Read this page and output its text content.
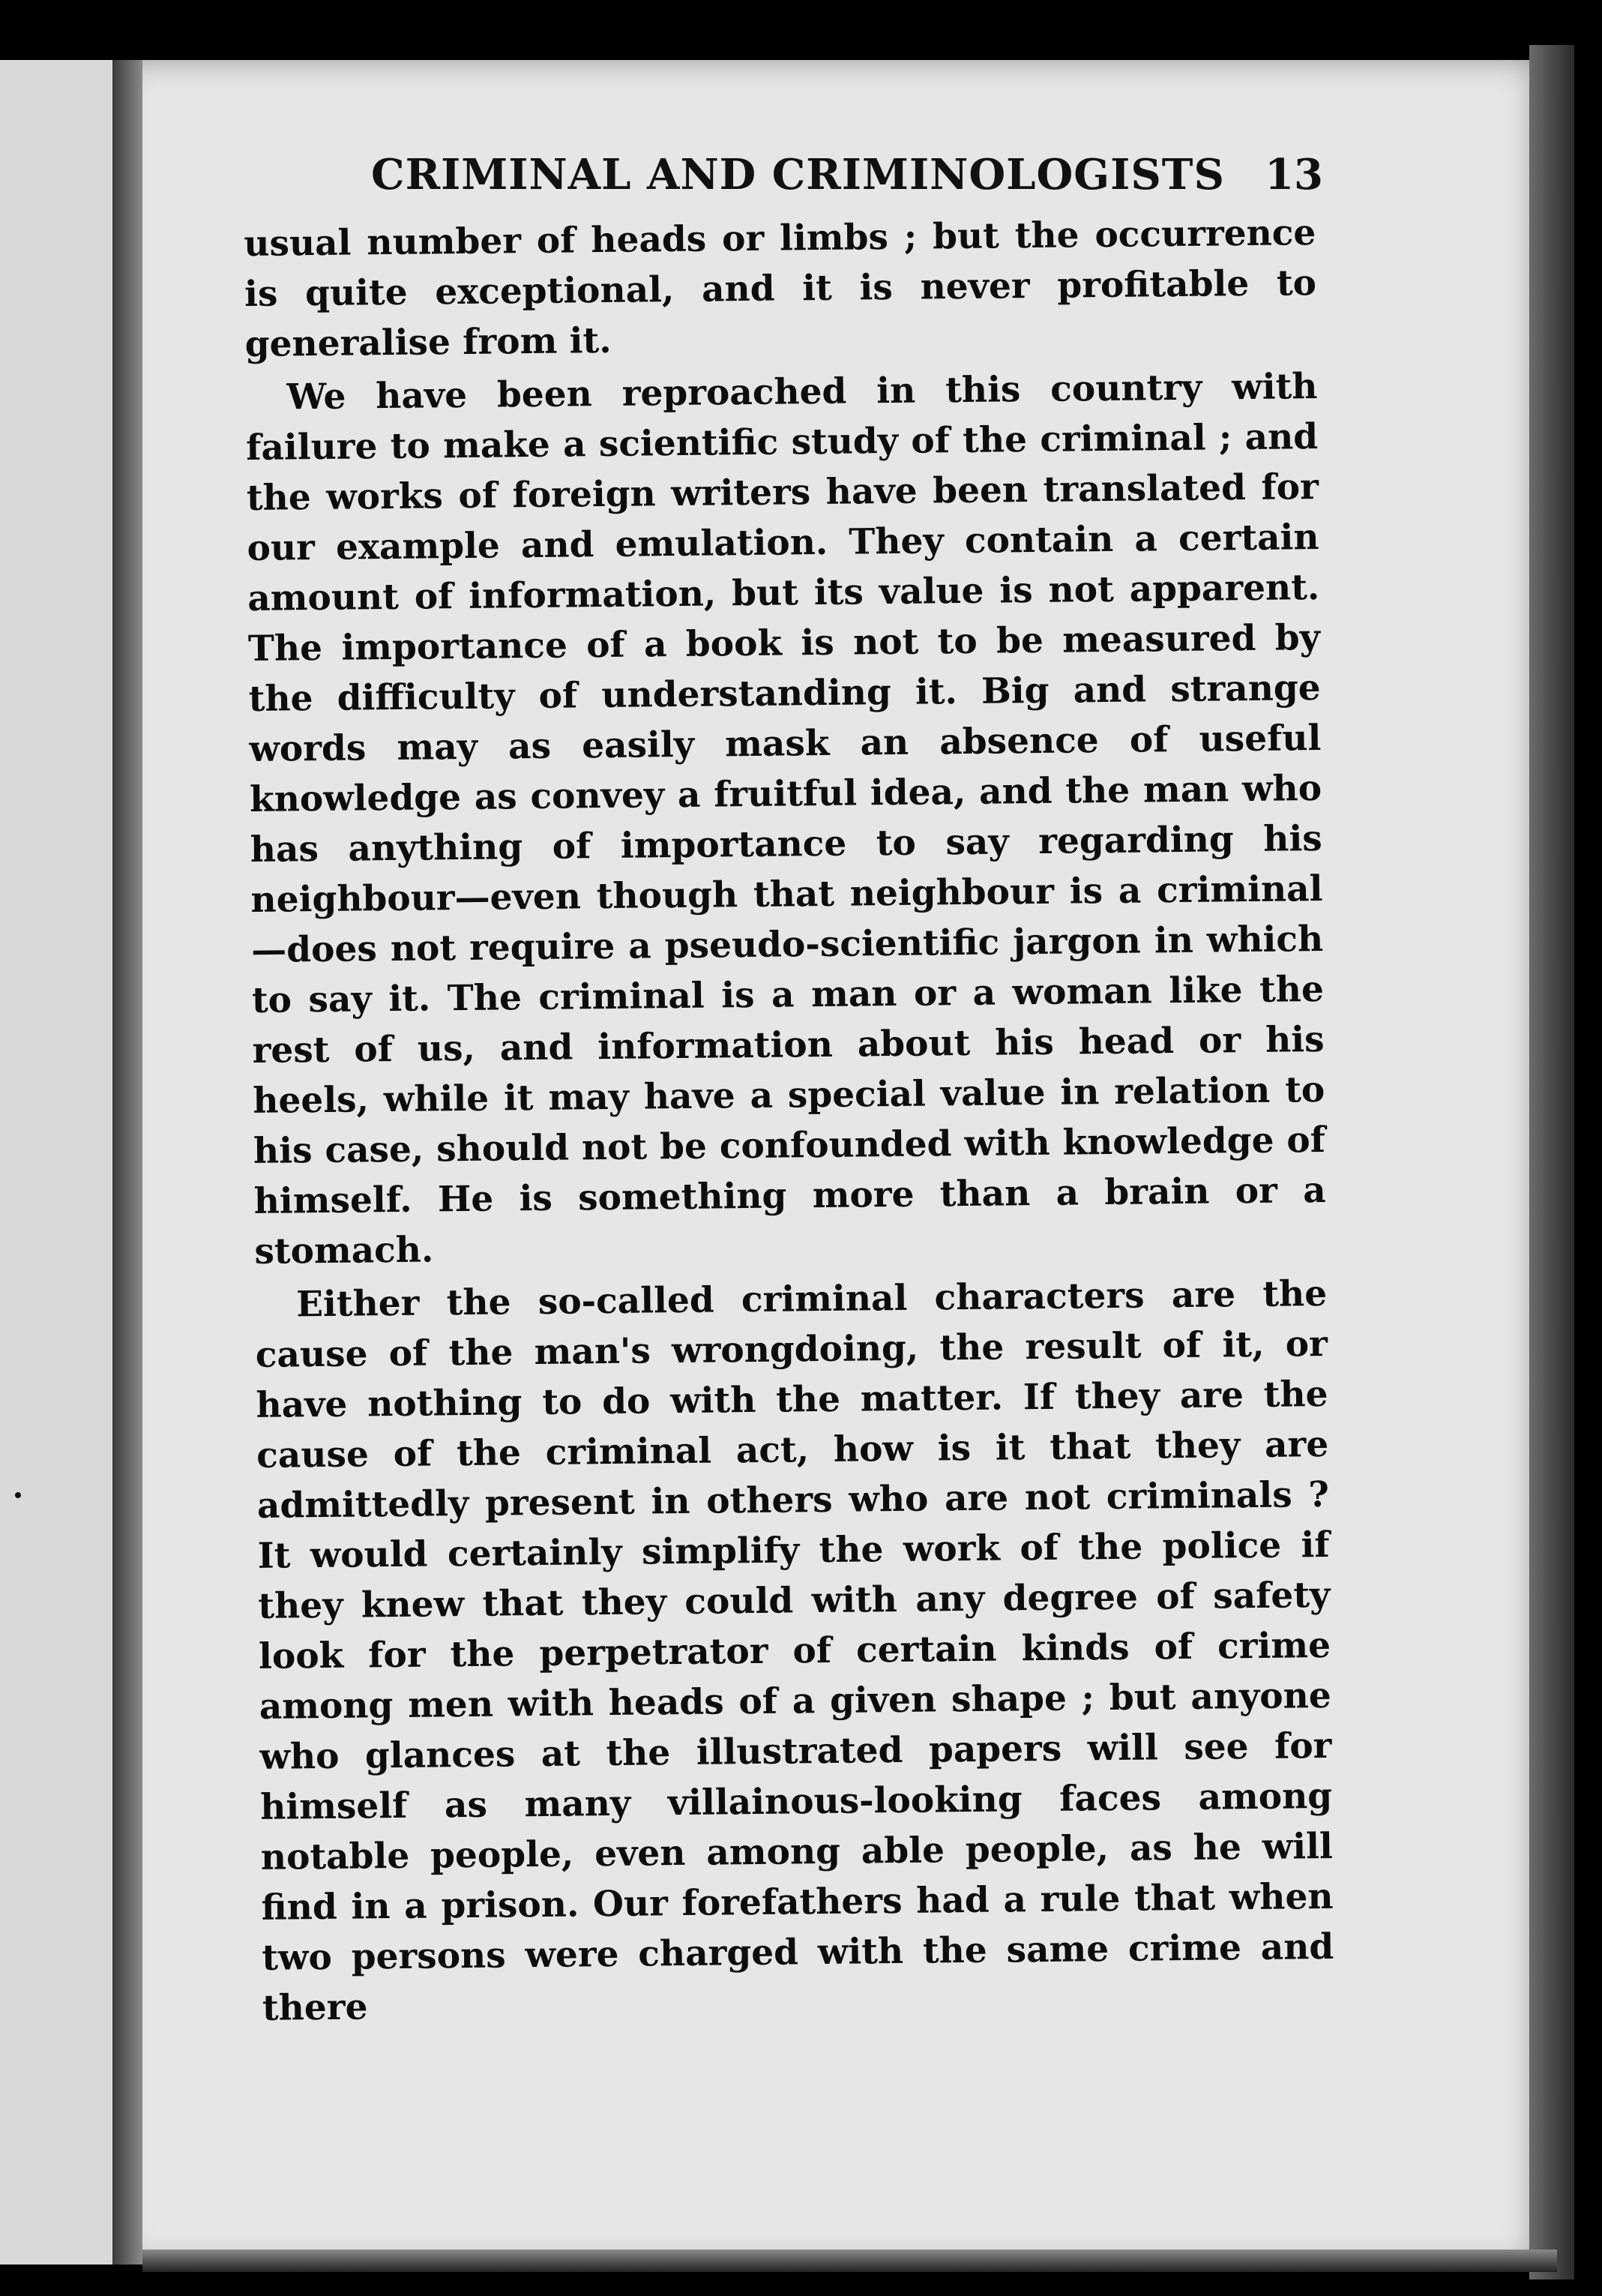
CRIMINAL AND CRIMINOLOGISTS 13

usual number of heads or limbs ; but the occurrence is quite exceptional, and it is never profitable to generalise from it.

We have been reproached in this country with failure to make a scientific study of the criminal ; and the works of foreign writers have been translated for our example and emulation. They contain a certain amount of information, but its value is not apparent. The importance of a book is not to be measured by the difficulty of understanding it. Big and strange words may as easily mask an absence of useful knowledge as convey a fruitful idea, and the man who has anything of importance to say regarding his neighbour—even though that neighbour is a criminal—does not require a pseudo-scientific jargon in which to say it. The criminal is a man or a woman like the rest of us, and information about his head or his heels, while it may have a special value in relation to his case, should not be confounded with knowledge of himself. He is something more than a brain or a stomach.

Either the so-called criminal characters are the cause of the man's wrongdoing, the result of it, or have nothing to do with the matter. If they are the cause of the criminal act, how is it that they are admittedly present in others who are not criminals ? It would certainly simplify the work of the police if they knew that they could with any degree of safety look for the perpetrator of certain kinds of crime among men with heads of a given shape ; but anyone who glances at the illustrated papers will see for himself as many villainous-looking faces among notable people, even among able people, as he will find in a prison. Our forefathers had a rule that when two persons were charged with the same crime and there
